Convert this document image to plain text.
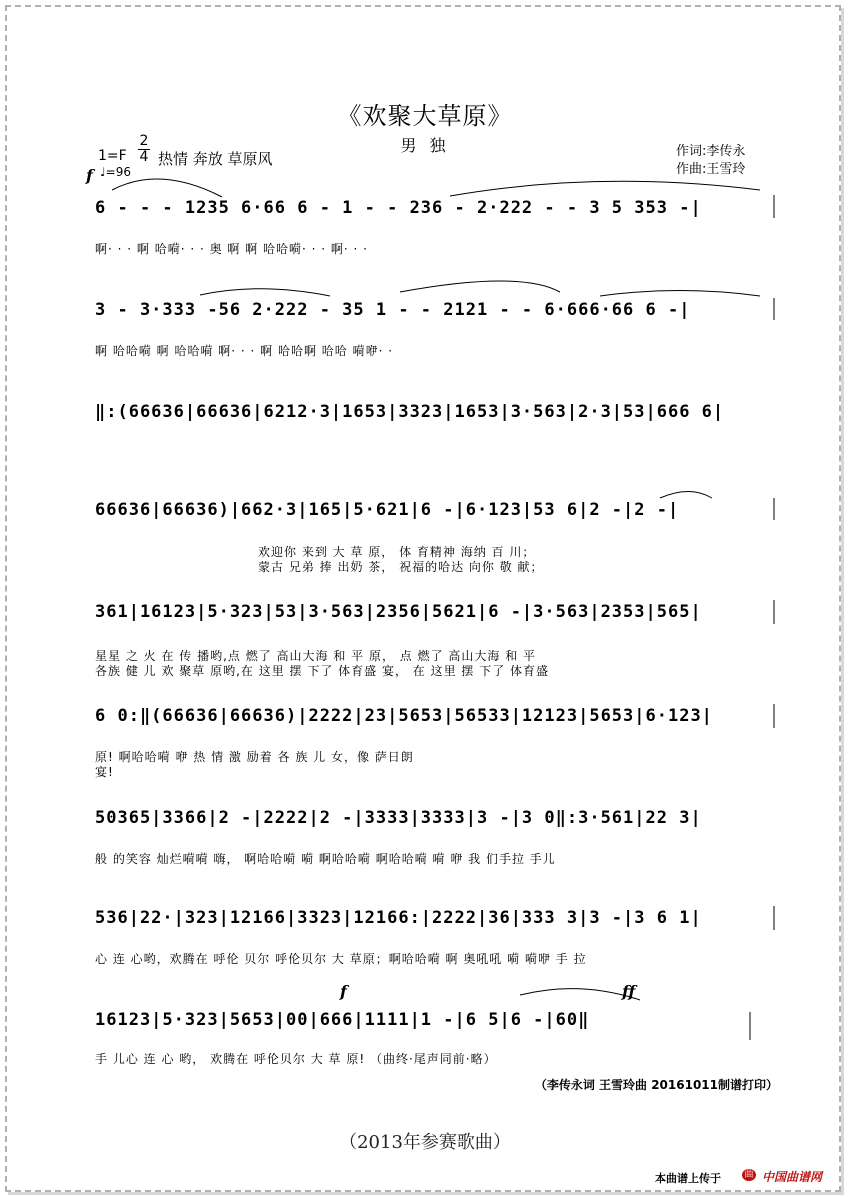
《欢聚大草原》
男 独
$1=F \frac{2}{4}$ 热情 奔放 草原风
f ♩=96
作词:李传永
作曲:王雪玲
6 - - - 1235 6·66 6 - 1 - - 236 - 2·222 - - 3 5 353 -|
啊· · · 啊 哈嗬· · · 奥 啊 啊 哈哈嗬· · · 啊· · ·
3 - 3·333 -56 2·222 - 35 1 - - 2121 - - 6·666·66 6 -|
啊 哈哈嗬 啊 哈哈嗬 啊· · · 啊 哈哈啊 哈哈 嗬咿· ·
‖:(66636|66636|6212·3|1653|3323|1653|3·563|2·3|53|666 6|
66636|66636)|662·3|165|5·621|6 -|6·123|53 6|2 -|2 -|
欢迎你 来到 大 草 原， 体 育精神 海纳 百 川；
蒙古 兄弟 捧 出奶 茶， 祝福的哈达 向你 敬 献；
361|16123|5·323|53|3·563|2356|5621|6 -|3·563|2353|565|
星星 之 火 在 传 播哟,点 燃了 高山大海 和 平 原， 点 燃了 高山大海 和 平
各族 健 儿 欢 聚草 原哟,在 这里 摆 下了 体育盛 宴， 在 这里 摆 下了 体育盛
6 0:‖(66636|66636)|2222|23|5653|56533|12123|5653|6·123|
原! 啊哈哈嗬 咿 热 情 激 励着 各 族 儿 女，像 萨日朗
宴!
50365|3366|2 -|2222|2 -|3333|3333|3 -|3 0‖:3·561|22 3|
般 的笑容 灿烂嗬嗬 嗨， 啊哈哈嗬 嗬 啊哈哈嗬 啊哈哈嗬 嗬 咿 我 们手拉 手儿
536|22·|323|12166|3323|12166:|2222|36|333 3|3 -|3 6 1|
心 连 心哟，欢腾在 呼伦 贝尔 呼伦贝尔 大 草原；啊哈哈嗬 啊 奥吼吼 嗬 嗬咿 手 拉
f	ff
16123|5·323|5653|00|666|1111|1 -|6 5|6 -|60‖
手 儿心 连 心 哟， 欢腾在 呼伦贝尔 大 草 原! （曲终·尾声同前·略）
（李传永词 王雪玲曲 20161011制谱打印）
（2013年参赛歌曲）
本曲谱上传于	曲 中国曲谱网
